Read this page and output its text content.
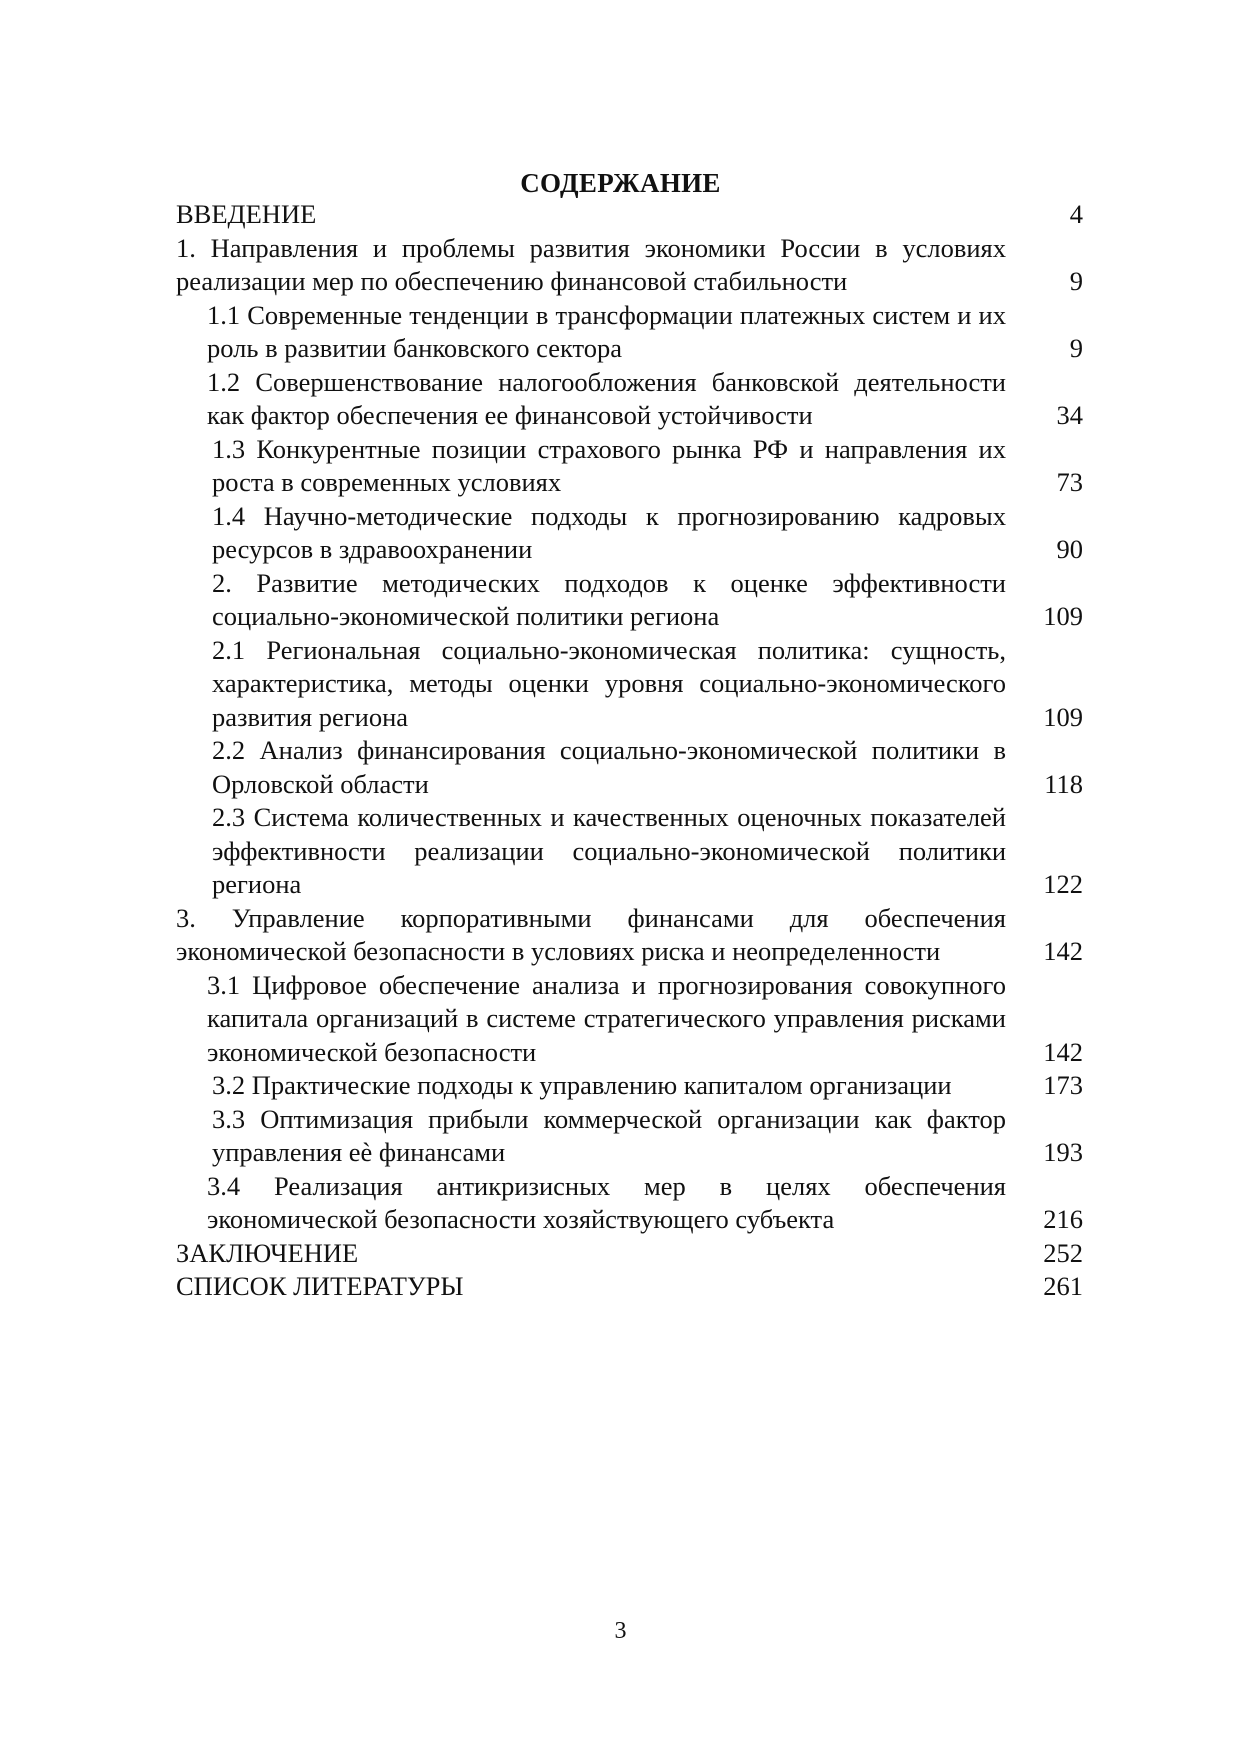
СОДЕРЖАНИЕ
ВВЕДЕНИЕ	4
1. Направления и проблемы развития экономики России в условиях реализации мер по обеспечению финансовой стабильности	9
1.1 Современные тенденции в трансформации платежных систем и их роль в развитии банковского сектора	9
1.2 Совершенствование налогообложения банковской деятельности как фактор обеспечения ее финансовой устойчивости	34
1.3 Конкурентные позиции страхового рынка РФ и направления их роста в современных условиях	73
1.4 Научно-методические подходы к прогнозированию кадровых ресурсов в здравоохранении	90
2. Развитие методических подходов к оценке эффективности социально-экономической политики региона	109
2.1 Региональная социально-экономическая политика: сущность, характеристика, методы оценки уровня социально-экономического развития региона	109
2.2 Анализ финансирования социально-экономической политики в Орловской области	118
2.3 Система количественных и качественных оценочных показателей эффективности реализации социально-экономической политики региона	122
3. Управление корпоративными финансами для обеспечения экономической безопасности в условиях риска и неопределенности	142
3.1 Цифровое обеспечение анализа и прогнозирования совокупного капитала организаций в системе стратегического управления рисками экономической безопасности	142
3.2 Практические подходы к управлению капиталом организации	173
3.3 Оптимизация прибыли коммерческой организации как фактор управления еѐ финансами	193
3.4 Реализация антикризисных мер в целях обеспечения экономической безопасности хозяйствующего субъекта	216
ЗАКЛЮЧЕНИЕ	252
СПИСОК ЛИТЕРАТУРЫ	261
3
